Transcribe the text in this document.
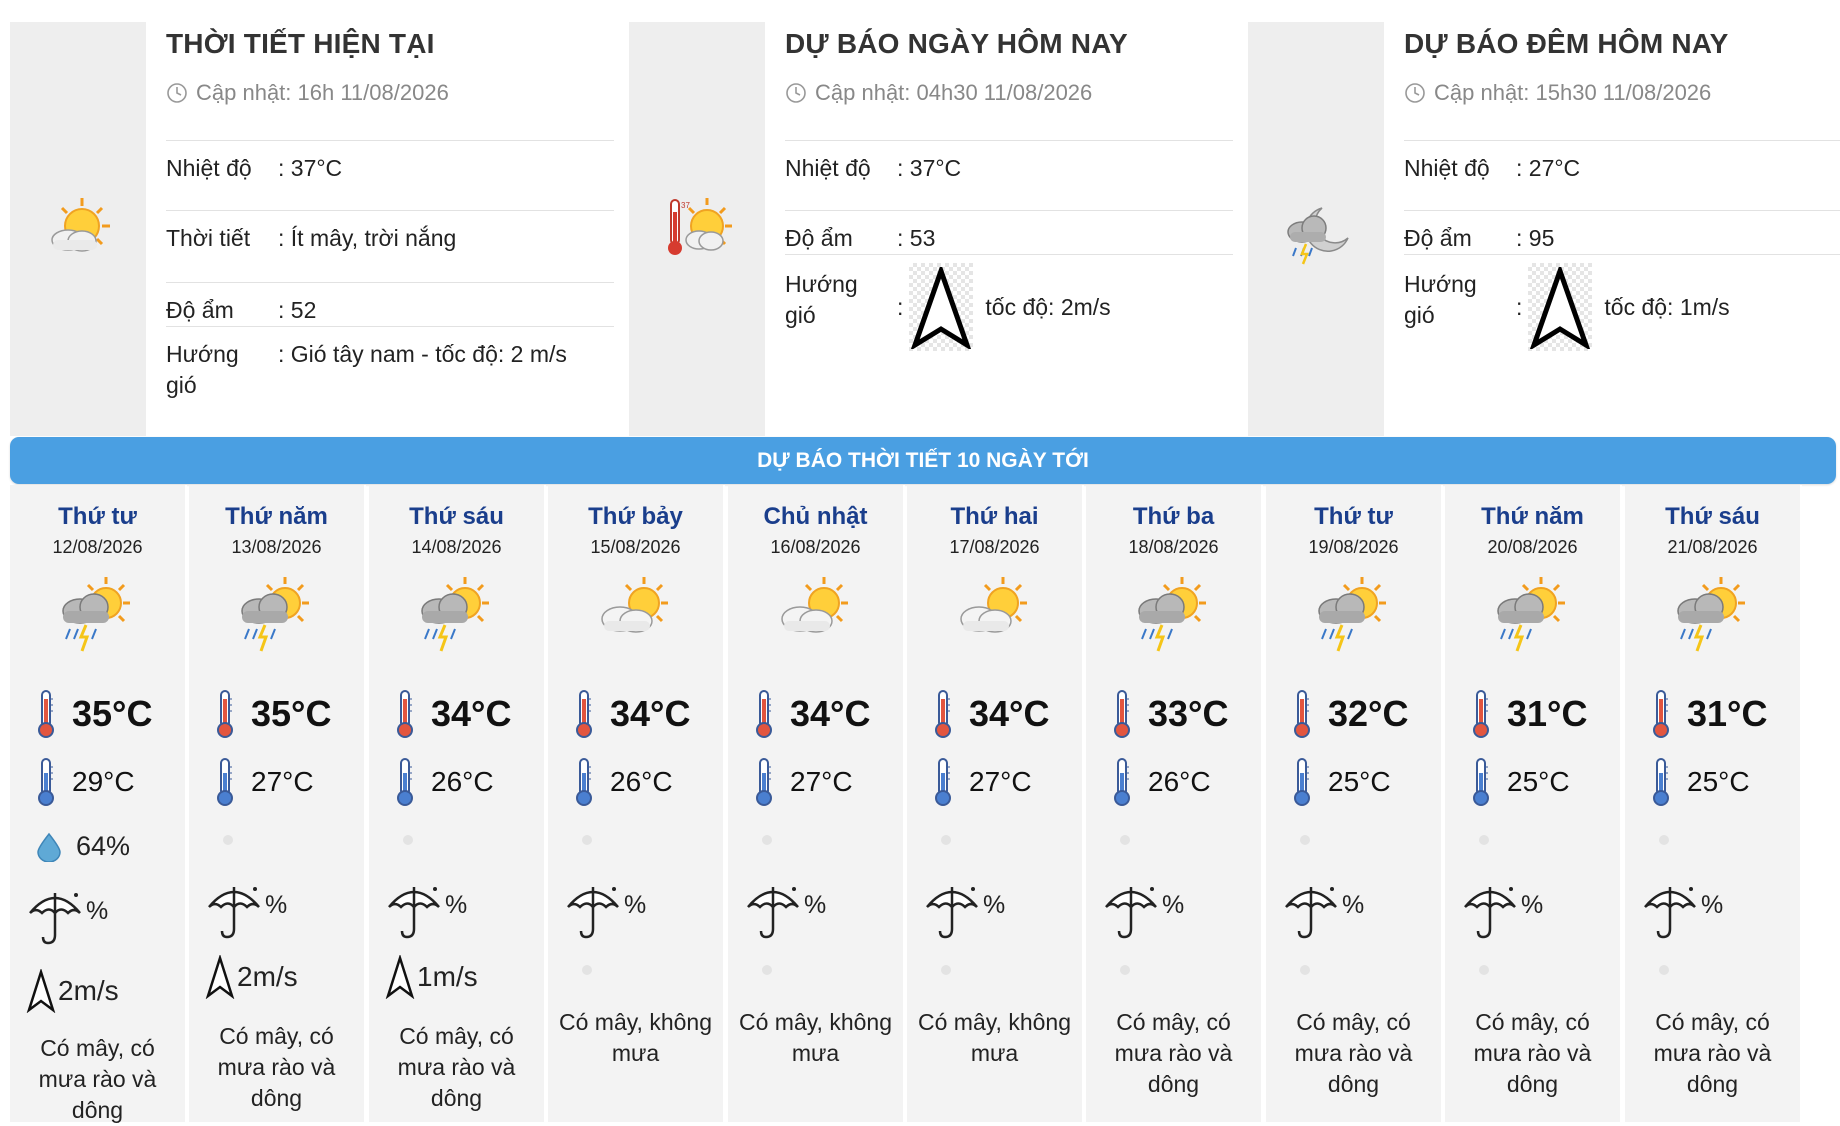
THỜI TIẾT HIỆN TẠI
Cập nhật: 16h 11/08/2026
Nhiệt độ	: 37°C
Thời tiết	: Ít mây, trời nắng
Độ ẩm	: 52
Hướng gió
: Gió tây nam - tốc độ: 2 m/s
37
DỰ BÁO NGÀY HÔM NAY
Cập nhật: 04h30 11/08/2026
Nhiệt độ	: 37°C
Độ ẩm	: 53
Hướng gió	:	tốc độ: 2m/s
DỰ BÁO ĐÊM HÔM NAY
Cập nhật: 15h30 11/08/2026
Nhiệt độ	: 27°C
Độ ẩm	: 95
Hướng gió	:	tốc độ: 1m/s
DỰ BÁO THỜI TIẾT 10 NGÀY TỚI
Thứ tư
12/08/2026
35°C
29°C
64%
%
2m/s
Có mây, có mưa rào và dông
Thứ năm
13/08/2026
35°C
27°C
%
2m/s
Có mây, có mưa rào và dông
Thứ sáu
14/08/2026
34°C
26°C
%
1m/s
Có mây, có mưa rào và dông
Thứ bảy
15/08/2026
34°C
26°C
%
Có mây, không mưa
Chủ nhật
16/08/2026
34°C
27°C
%
Có mây, không mưa
Thứ hai
17/08/2026
34°C
27°C
%
Có mây, không mưa
Thứ ba
18/08/2026
33°C
26°C
%
Có mây, có mưa rào và dông
Thứ tư
19/08/2026
32°C
25°C
%
Có mây, có mưa rào và dông
Thứ năm
20/08/2026
31°C
25°C
%
Có mây, có mưa rào và dông
Thứ sáu
21/08/2026
31°C
25°C
%
Có mây, có mưa rào và dông
